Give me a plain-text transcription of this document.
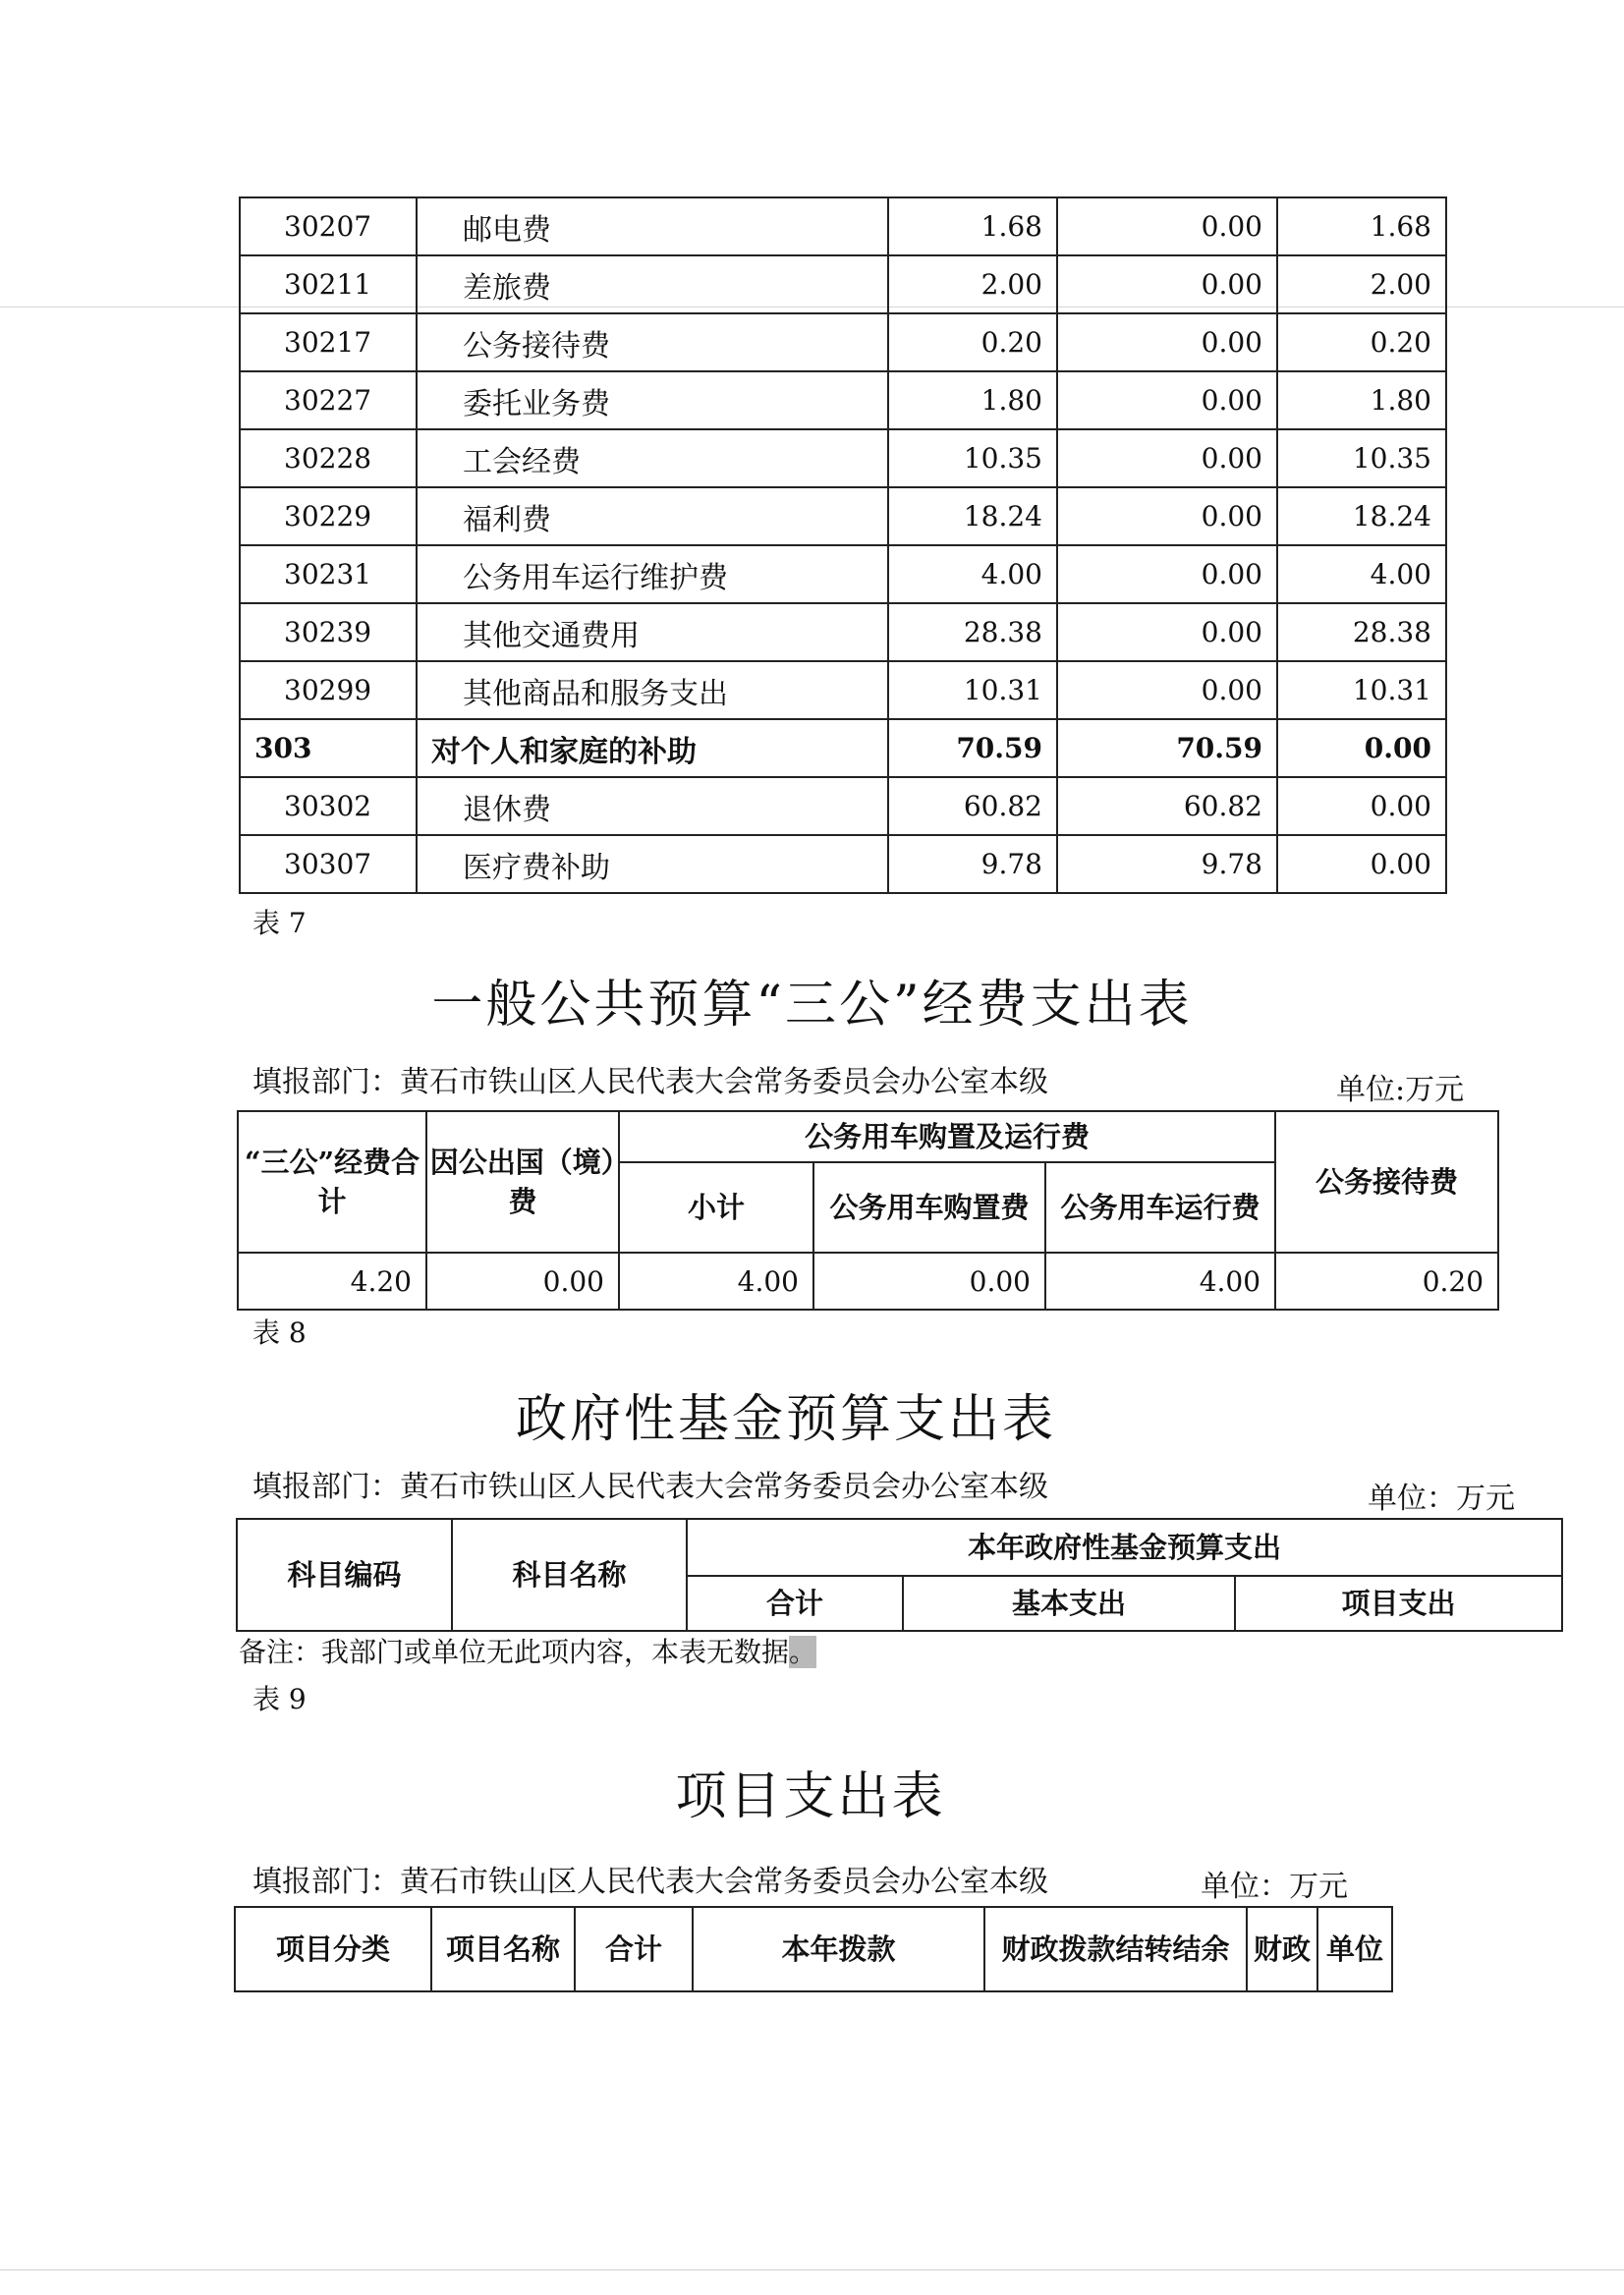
30207	邮电费	1.68	0.00	1.68
30211	差旅费	2.00	0.00	2.00
30217	公务接待费	0.20	0.00	0.20
30227	委托业务费	1.80	0.00	1.80
30228	工会经费	10.35	0.00	10.35
30229	福利费	18.24	0.00	18.24
30231	公务用车运行维护费	4.00	0.00	4.00
30239	其他交通费用	28.38	0.00	28.38
30299	其他商品和服务支出	10.31	0.00	10.31
303	对个人和家庭的补助	70.59	70.59	0.00
30302	退休费	60.82	60.82	0.00
30307	医疗费补助	9.78	9.78	0.00
表 7
一般公共预算“三公”经费支出表
填报部门：黄石市铁山区人民代表大会常务委员会办公室本级	单位:万元
“三公”经费合计	因公出国（境）费	公务用车购置及运行费			公务接待费
		小计	公务用车购置费	公务用车运行费	
4.20	0.00	4.00	0.00	4.00	0.20
表 8
政府性基金预算支出表
填报部门：黄石市铁山区人民代表大会常务委员会办公室本级	单位：万元
科目编码	科目名称	本年政府性基金预算支出		
		合计	基本支出	项目支出
备注：我部门或单位无此项内容，本表无数据。
表 9
项目支出表
填报部门：黄石市铁山区人民代表大会常务委员会办公室本级	单位：万元
项目分类	项目名称	合计	本年拨款	财政拨款结转结余	财政	单位
